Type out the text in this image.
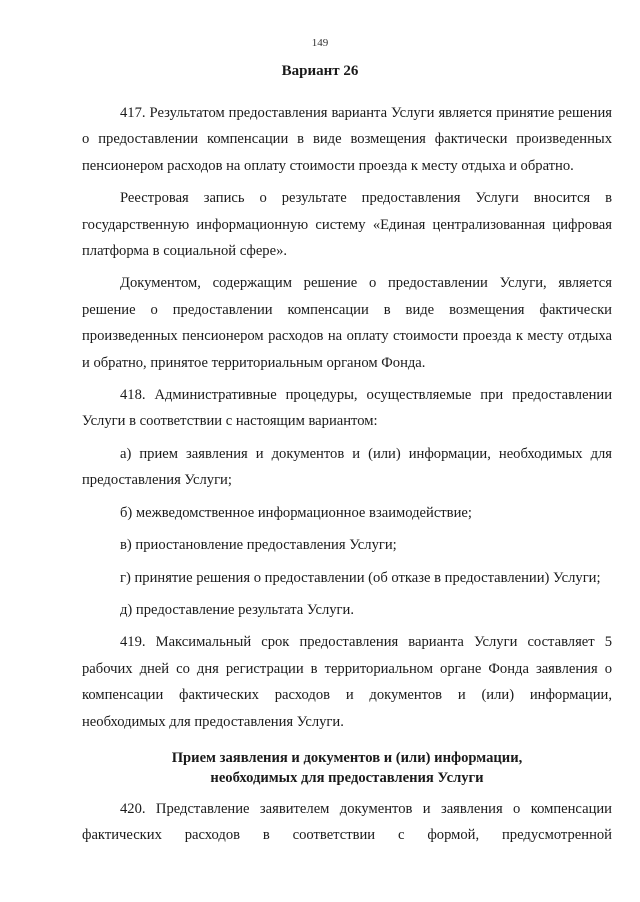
149
Вариант 26

417. Результатом предоставления варианта Услуги является принятие решения о предоставлении компенсации в виде возмещения фактически произведенных пенсионером расходов на оплату стоимости проезда к месту отдыха и обратно.

Реестровая запись о результате предоставления Услуги вносится в государственную информационную систему «Единая централизованная цифровая платформа в социальной сфере».

Документом, содержащим решение о предоставлении Услуги, является решение о предоставлении компенсации в виде возмещения фактически произведенных пенсионером расходов на оплату стоимости проезда к месту отдыха и обратно, принятое территориальным органом Фонда.

418. Административные процедуры, осуществляемые при предоставлении Услуги в соответствии с настоящим вариантом:

а) прием заявления и документов и (или) информации, необходимых для предоставления Услуги;

б) межведомственное информационное взаимодействие;

в) приостановление предоставления Услуги;

г) принятие решения о предоставлении (об отказе в предоставлении) Услуги;

д) предоставление результата Услуги.

419. Максимальный срок предоставления варианта Услуги составляет 5 рабочих дней со дня регистрации в территориальном органе Фонда заявления о компенсации фактических расходов и документов и (или) информации, необходимых для предоставления Услуги.

Прием заявления и документов и (или) информации,
необходимых для предоставления Услуги

420. Представление заявителем документов и заявления о компенсации фактических расходов в соответствии с формой, предусмотренной
